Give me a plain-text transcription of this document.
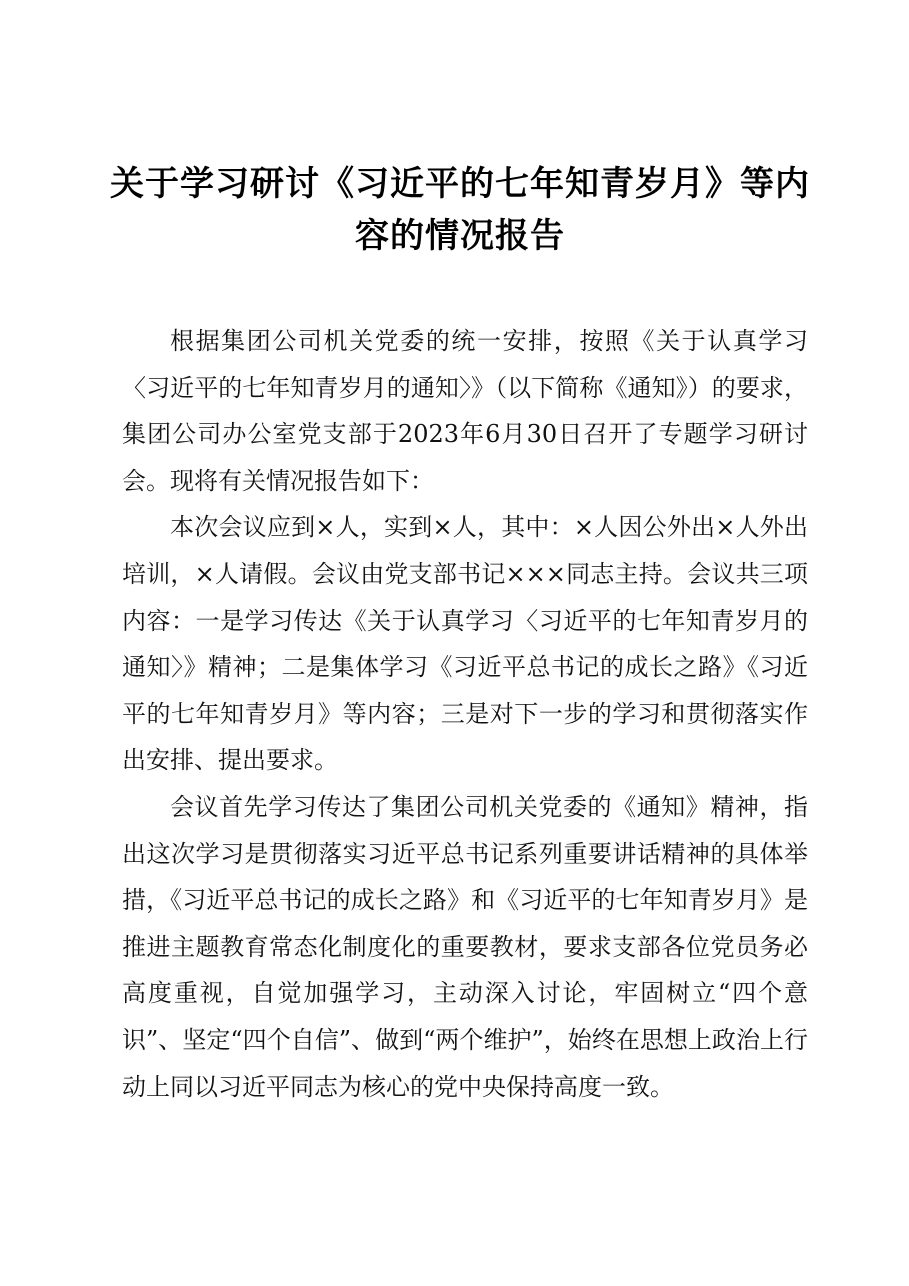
关于学习研讨《习近平的七年知青岁月》等内容的情况报告

根据集团公司机关党委的统一安排，按照《关于认真学习〈习近平的七年知青岁月的通知〉》（以下简称《通知》）的要求，集团公司办公室党支部于2023年6月30日召开了专题学习研讨会。现将有关情况报告如下：

本次会议应到×人，实到×人，其中：×人因公外出×人外出培训，×人请假。会议由党支部书记×××同志主持。会议共三项内容：一是学习传达《关于认真学习〈习近平的七年知青岁月的通知〉》精神；二是集体学习《习近平总书记的成长之路》《习近平的七年知青岁月》等内容；三是对下一步的学习和贯彻落实作出安排、提出要求。

会议首先学习传达了集团公司机关党委的《通知》精神，指出这次学习是贯彻落实习近平总书记系列重要讲话精神的具体举措，《习近平总书记的成长之路》和《习近平的七年知青岁月》是推进主题教育常态化制度化的重要教材，要求支部各位党员务必高度重视，自觉加强学习，主动深入讨论，牢固树立“四个意识”、坚定“四个自信”、做到“两个维护”，始终在思想上政治上行动上同以习近平同志为核心的党中央保持高度一致。
